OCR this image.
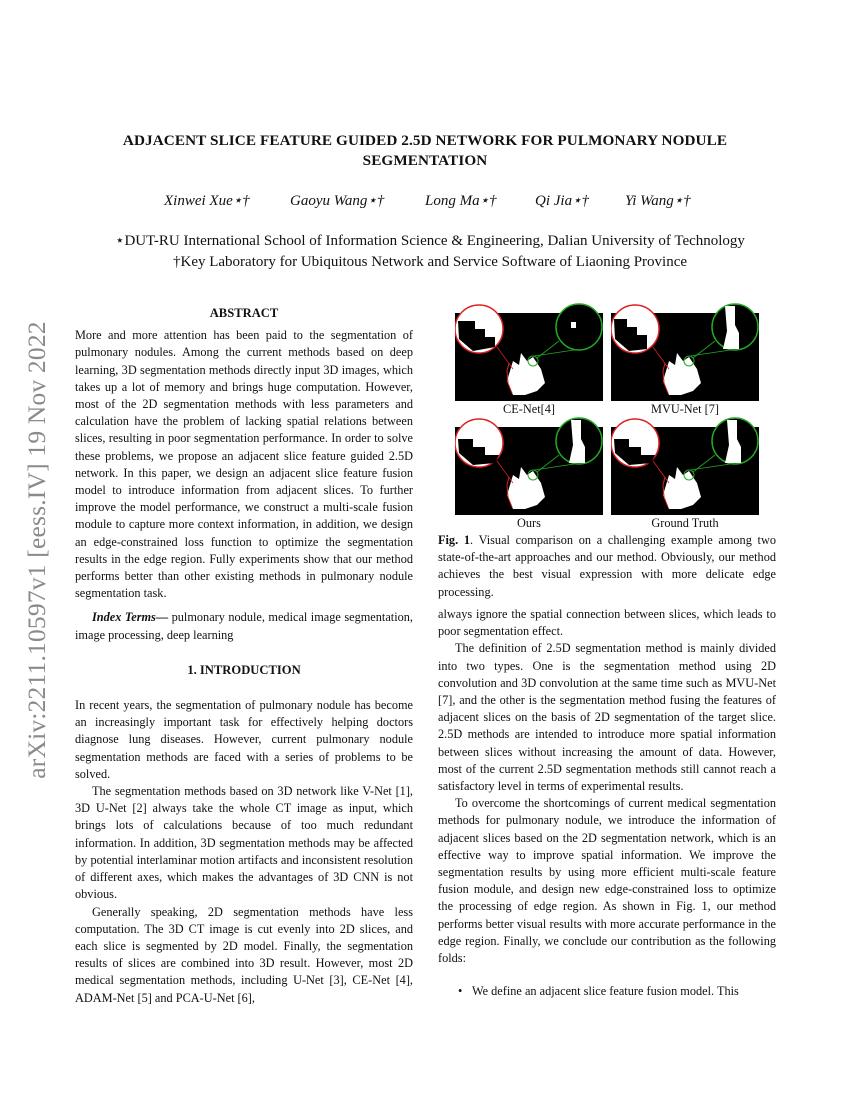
arXiv:2211.10597v1 [eess.IV] 19 Nov 2022
ADJACENT SLICE FEATURE GUIDED 2.5D NETWORK FOR PULMONARY NODULE SEGMENTATION
Xinwei Xue⋆†	Gaoyu Wang⋆†	Long Ma⋆†	Qi Jia⋆† Yi Wang⋆†
⋆DUT-RU International School of Information Science & Engineering, Dalian University of Technology
†Key Laboratory for Ubiquitous Network and Service Software of Liaoning Province

ABSTRACT

More and more attention has been paid to the segmentation of pulmonary nodules. Among the current methods based on deep learning, 3D segmentation methods directly input 3D images, which takes up a lot of memory and brings huge computation. However, most of the 2D segmentation methods with less parameters and calculation have the problem of lacking spatial relations between slices, resulting in poor segmentation performance. In order to solve these problems, we propose an adjacent slice feature guided 2.5D network. In this paper, we design an adjacent slice feature fusion model to introduce information from adjacent slices. To further improve the model performance, we construct a multi-scale fusion module to capture more context information, in addition, we design an edge-constrained loss function to optimize the segmentation results in the edge region. Fully experiments show that our method performs better than other existing methods in pulmonary nodule segmentation task.

Index Terms— pulmonary nodule, medical image segmentation, image processing, deep learning

1. INTRODUCTION

In recent years, the segmentation of pulmonary nodule has become an increasingly important task for effectively helping doctors diagnose lung diseases. However, current pulmonary nodule segmentation methods are faced with a series of problems to be solved.

The segmentation methods based on 3D network like V-Net [1], 3D U-Net [2] always take the whole CT image as input, which brings lots of calculations because of too much redundant information. In addition, 3D segmentation methods may be affected by potential interlaminar motion artifacts and inconsistent resolution of different axes, which makes the advantages of 3D CNN is not obvious.

Generally speaking, 2D segmentation methods have less computation. The 3D CT image is cut evenly into 2D slices, and each slice is segmented by 2D model. Finally, the segmentation results of slices are combined into 3D result. However, most 2D medical segmentation methods, including U-Net [3], CE-Net [4], ADAM-Net [5] and PCA-U-Net [6],

CE-Net[4]	MVU-Net [7]
Ours	Ground Truth
Fig. 1. Visual comparison on a challenging example among two state-of-the-art approaches and our method. Obviously, our method achieves the best visual expression with more delicate edge processing.

always ignore the spatial connection between slices, which leads to poor segmentation effect.

The definition of 2.5D segmentation method is mainly divided into two types. One is the segmentation method using 2D convolution and 3D convolution at the same time such as MVU-Net [7], and the other is the segmentation method fusing the features of adjacent slices on the basis of 2D segmentation of the target slice. 2.5D methods are intended to introduce more spatial information between slices without increasing the amount of data. However, most of the current 2.5D segmentation methods still cannot reach a satisfactory level in terms of experimental results.

To overcome the shortcomings of current medical segmentation methods for pulmonary nodule, we introduce the information of adjacent slices based on the 2D segmentation network, which is an effective way to improve spatial information. We improve the segmentation results by using more efficient multi-scale feature fusion module, and design new edge-constrained loss to optimize the processing of edge region. As shown in Fig. 1, our method performs better visual results with more accurate performance in the edge region. Finally, we conclude our contribution as the following folds:

• We define an adjacent slice feature fusion model. This
